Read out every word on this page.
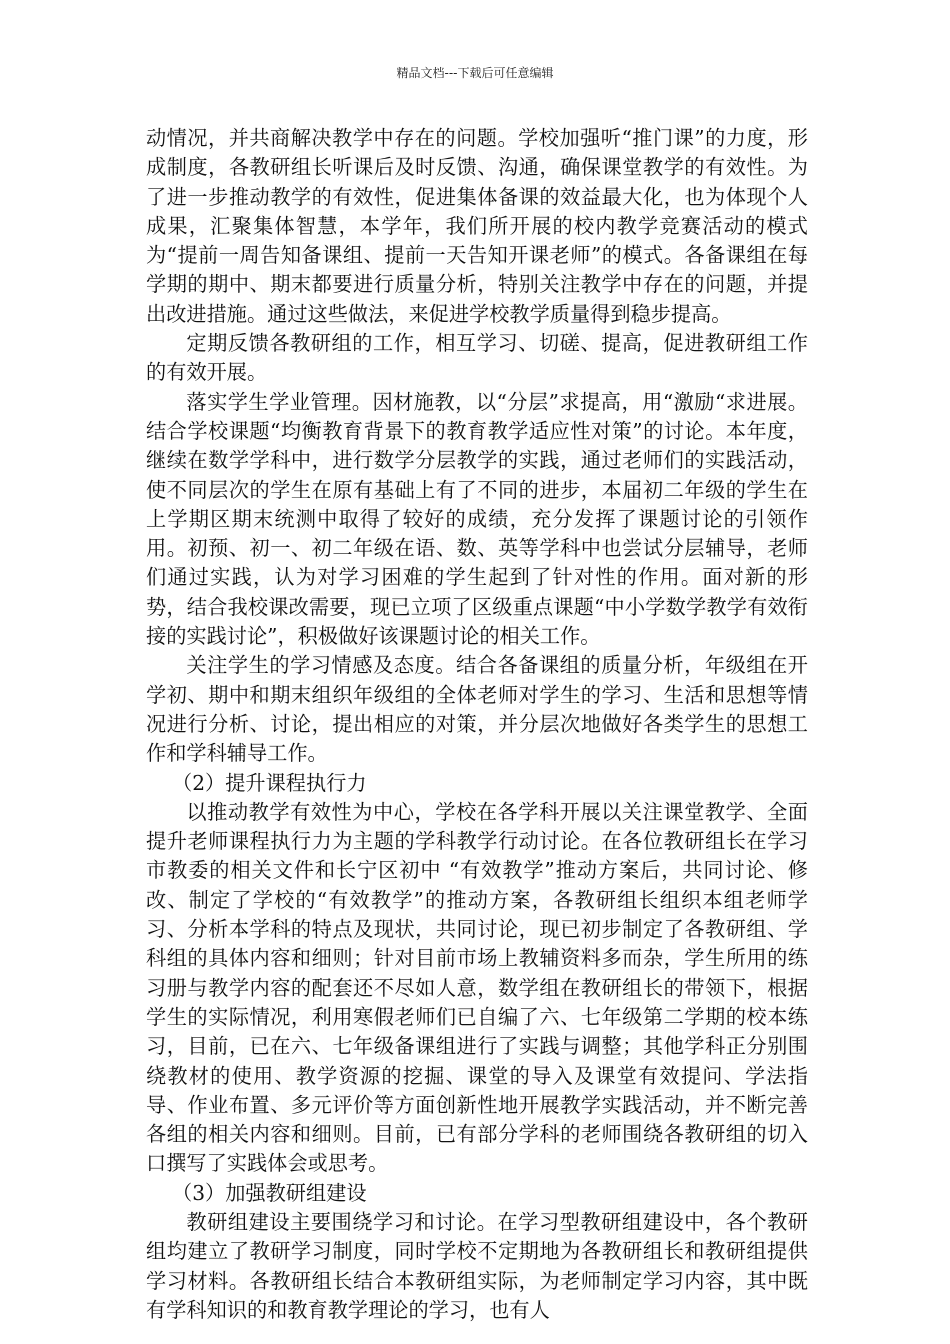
精品文档---下载后可任意编辑

动情况，并共商解决教学中存在的问题。学校加强听“推门课”的力度，形成制度，各教研组长听课后及时反馈、沟通，确保课堂教学的有效性。为了进一步推动教学的有效性，促进集体备课的效益最大化，也为体现个人成果，汇聚集体智慧，本学年，我们所开展的校内教学竞赛活动的模式为“提前一周告知备课组、提前一天告知开课老师”的模式。各备课组在每学期的期中、期末都要进行质量分析，特别关注教学中存在的问题，并提出改进措施。通过这些做法，来促进学校教学质量得到稳步提高。

定期反馈各教研组的工作，相互学习、切磋、提高，促进教研组工作的有效开展。

落实学生学业管理。因材施教，以“分层”求提高，用“激励“求进展。结合学校课题“均衡教育背景下的教育教学适应性对策”的讨论。本年度，继续在数学学科中，进行数学分层教学的实践，通过老师们的实践活动，使不同层次的学生在原有基础上有了不同的进步，本届初二年级的学生在上学期区期末统测中取得了较好的成绩，充分发挥了课题讨论的引领作用。初预、初一、初二年级在语、数、英等学科中也尝试分层辅导，老师们通过实践，认为对学习困难的学生起到了针对性的作用。面对新的形势，结合我校课改需要，现已立项了区级重点课题“中小学数学教学有效衔接的实践讨论”，积极做好该课题讨论的相关工作。

关注学生的学习情感及态度。结合各备课组的质量分析，年级组在开学初、期中和期末组织年级组的全体老师对学生的学习、生活和思想等情况进行分析、讨论，提出相应的对策，并分层次地做好各类学生的思想工作和学科辅导工作。

（2）提升课程执行力

以推动教学有效性为中心，学校在各学科开展以关注课堂教学、全面提升老师课程执行力为主题的学科教学行动讨论。在各位教研组长在学习市教委的相关文件和长宁区初中 “有效教学”推动方案后，共同讨论、修改、制定了学校的“有效教学”的推动方案，各教研组长组织本组老师学习、分析本学科的特点及现状，共同讨论，现已初步制定了各教研组、学科组的具体内容和细则；针对目前市场上教辅资料多而杂，学生所用的练习册与教学内容的配套还不尽如人意，数学组在教研组长的带领下，根据学生的实际情况，利用寒假老师们已自编了六、七年级第二学期的校本练习，目前，已在六、七年级备课组进行了实践与调整；其他学科正分别围绕教材的使用、教学资源的挖掘、课堂的导入及课堂有效提问、学法指导、作业布置、多元评价等方面创新性地开展教学实践活动，并不断完善各组的相关内容和细则。目前，已有部分学科的老师围绕各教研组的切入口撰写了实践体会或思考。

（3）加强教研组建设

教研组建设主要围绕学习和讨论。在学习型教研组建设中，各个教研组均建立了教研学习制度，同时学校不定期地为各教研组长和教研组提供学习材料。各教研组长结合本教研组实际，为老师制定学习内容，其中既有学科知识的和教育教学理论的学习，也有人
